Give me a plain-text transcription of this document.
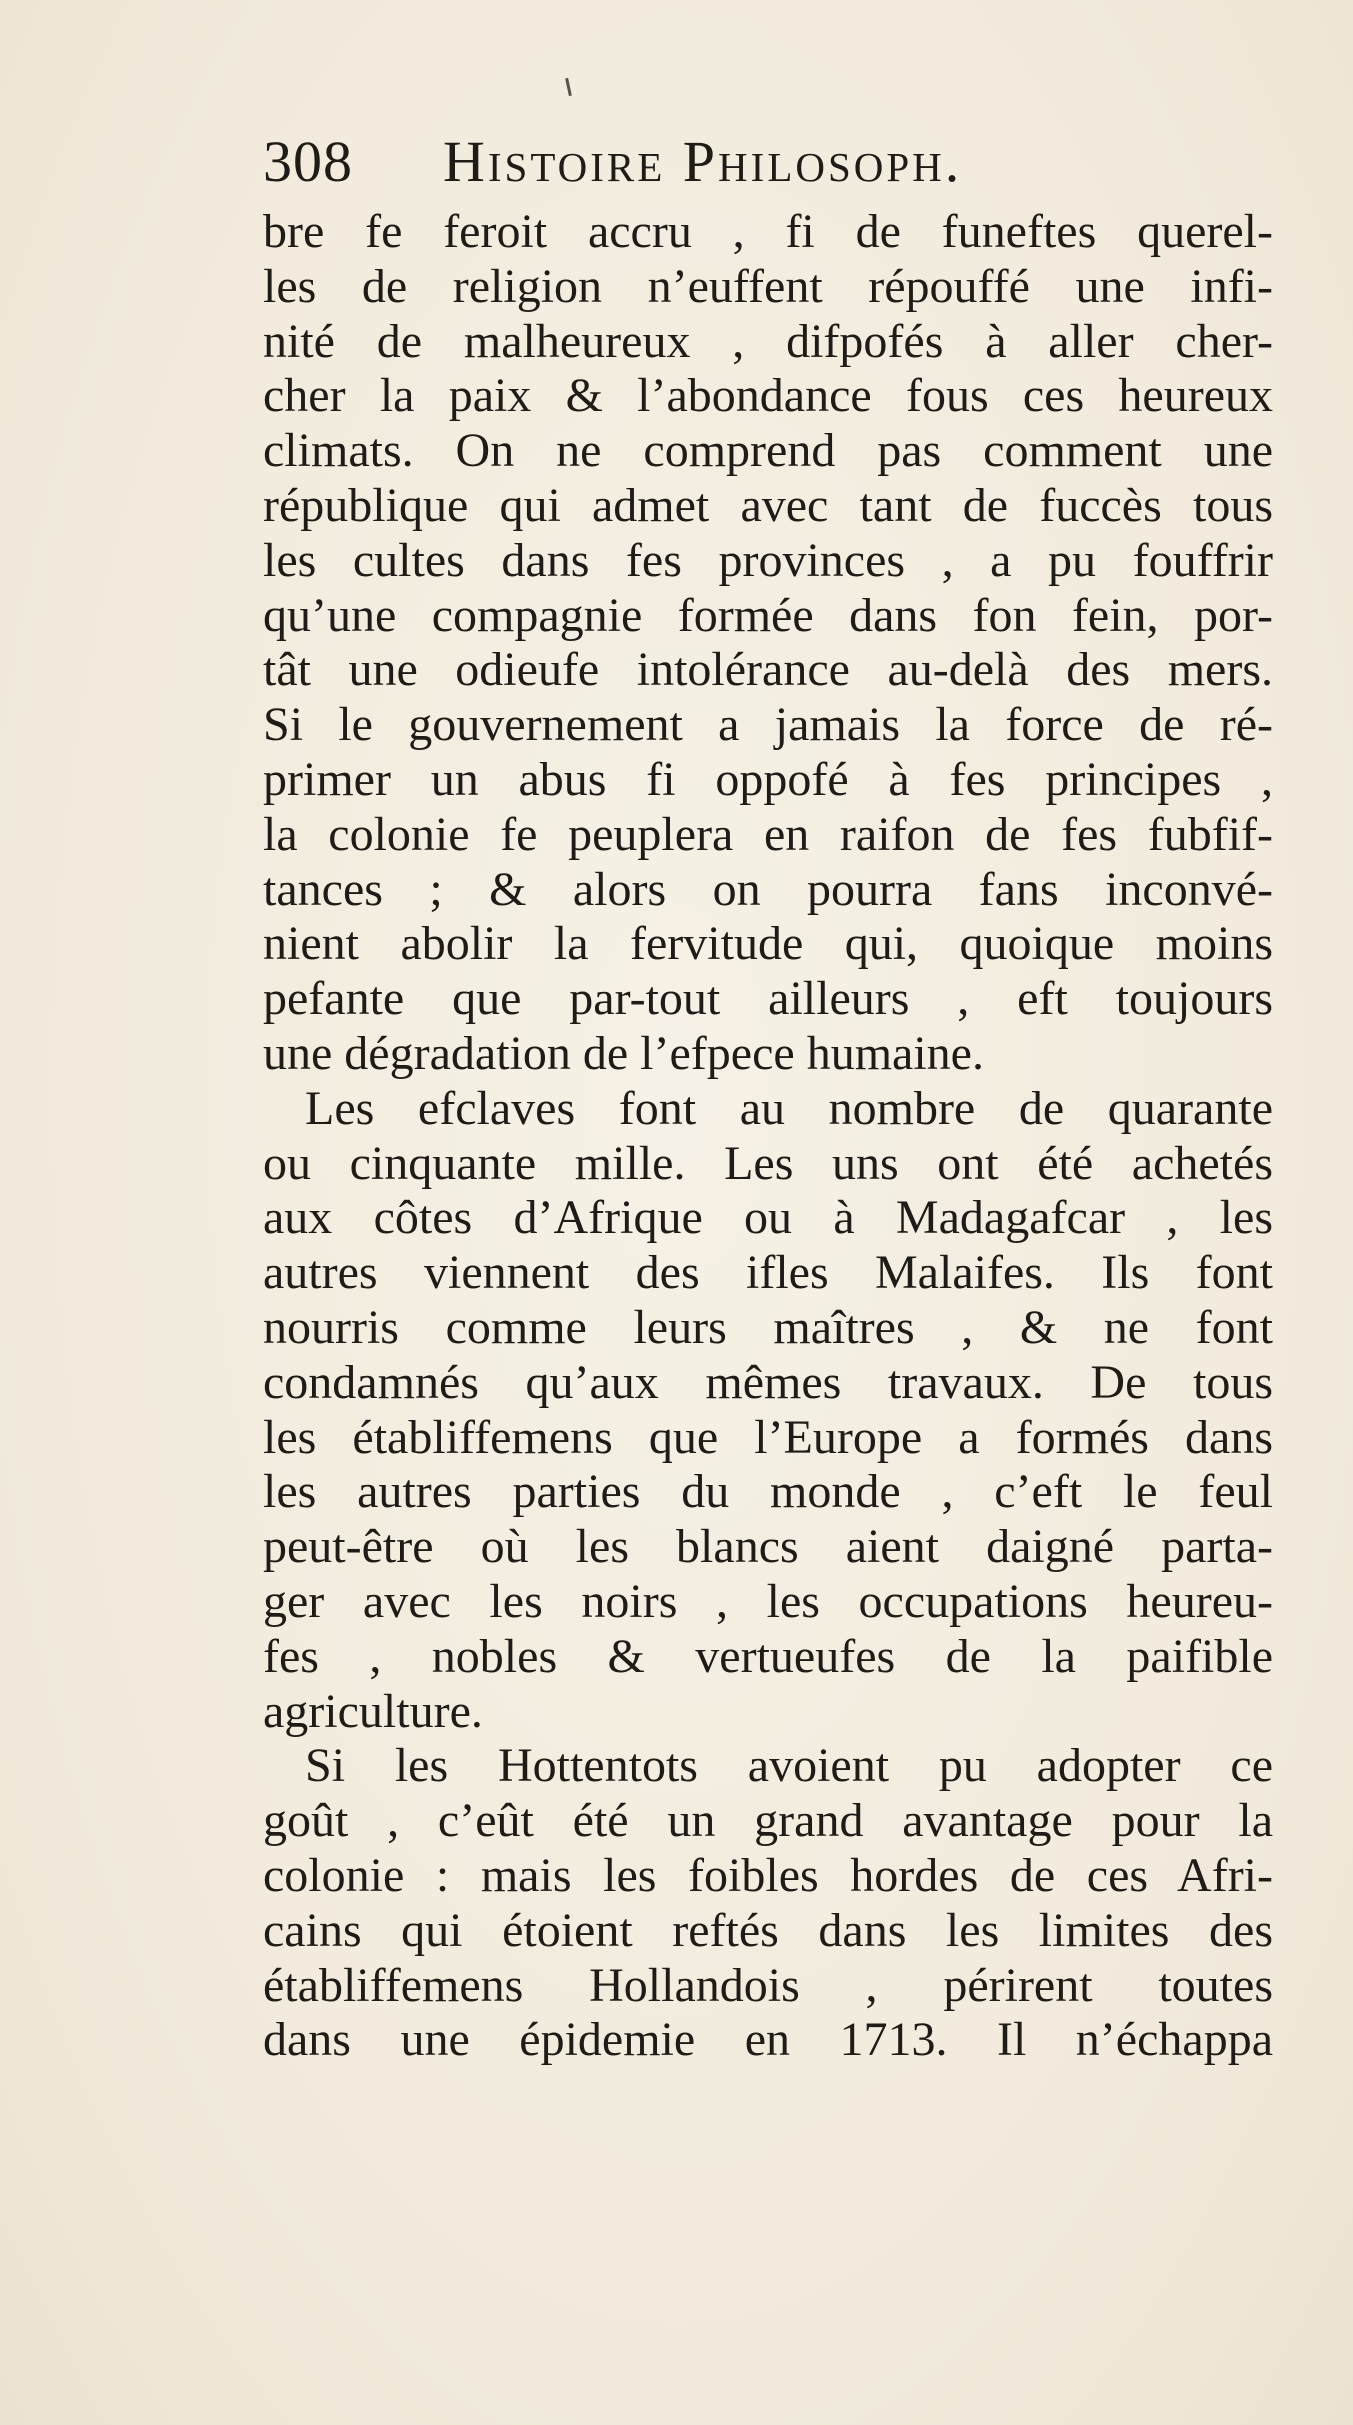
308 Histoire Philosoph.
bre fe feroit accru , fi de funeftes querel-
les de religion n’euffent répouffé une infi-
nité de malheureux , difpofés à aller cher-
cher la paix & l’abondance fous ces heureux
climats. On ne comprend pas comment une
république qui admet avec tant de fuccès tous
les cultes dans fes provinces , a pu fouffrir
qu’une compagnie formée dans fon fein, por-
tât une odieufe intolérance au-delà des mers.
Si le gouvernement a jamais la force de ré-
primer un abus fi oppofé à fes principes ,
la colonie fe peuplera en raifon de fes fubfif-
tances ; & alors on pourra fans inconvé-
nient abolir la fervitude qui, quoique moins
pefante que par-tout ailleurs , eft toujours
une dégradation de l’efpece humaine.
Les efclaves font au nombre de quarante
ou cinquante mille. Les uns ont été achetés
aux côtes d’Afrique ou à Madagafcar , les
autres viennent des ifles Malaifes. Ils font
nourris comme leurs maîtres , & ne font
condamnés qu’aux mêmes travaux. De tous
les établiffemens que l’Europe a formés dans
les autres parties du monde , c’eft le feul
peut-être où les blancs aient daigné parta-
ger avec les noirs , les occupations heureu-
fes , nobles & vertueufes de la paifible
agriculture.
Si les Hottentots avoient pu adopter ce
goût , c’eût été un grand avantage pour la
colonie : mais les foibles hordes de ces Afri-
cains qui étoient reftés dans les limites des
établiffemens Hollandois , périrent toutes
dans une épidemie en 1713. Il n’échappa
